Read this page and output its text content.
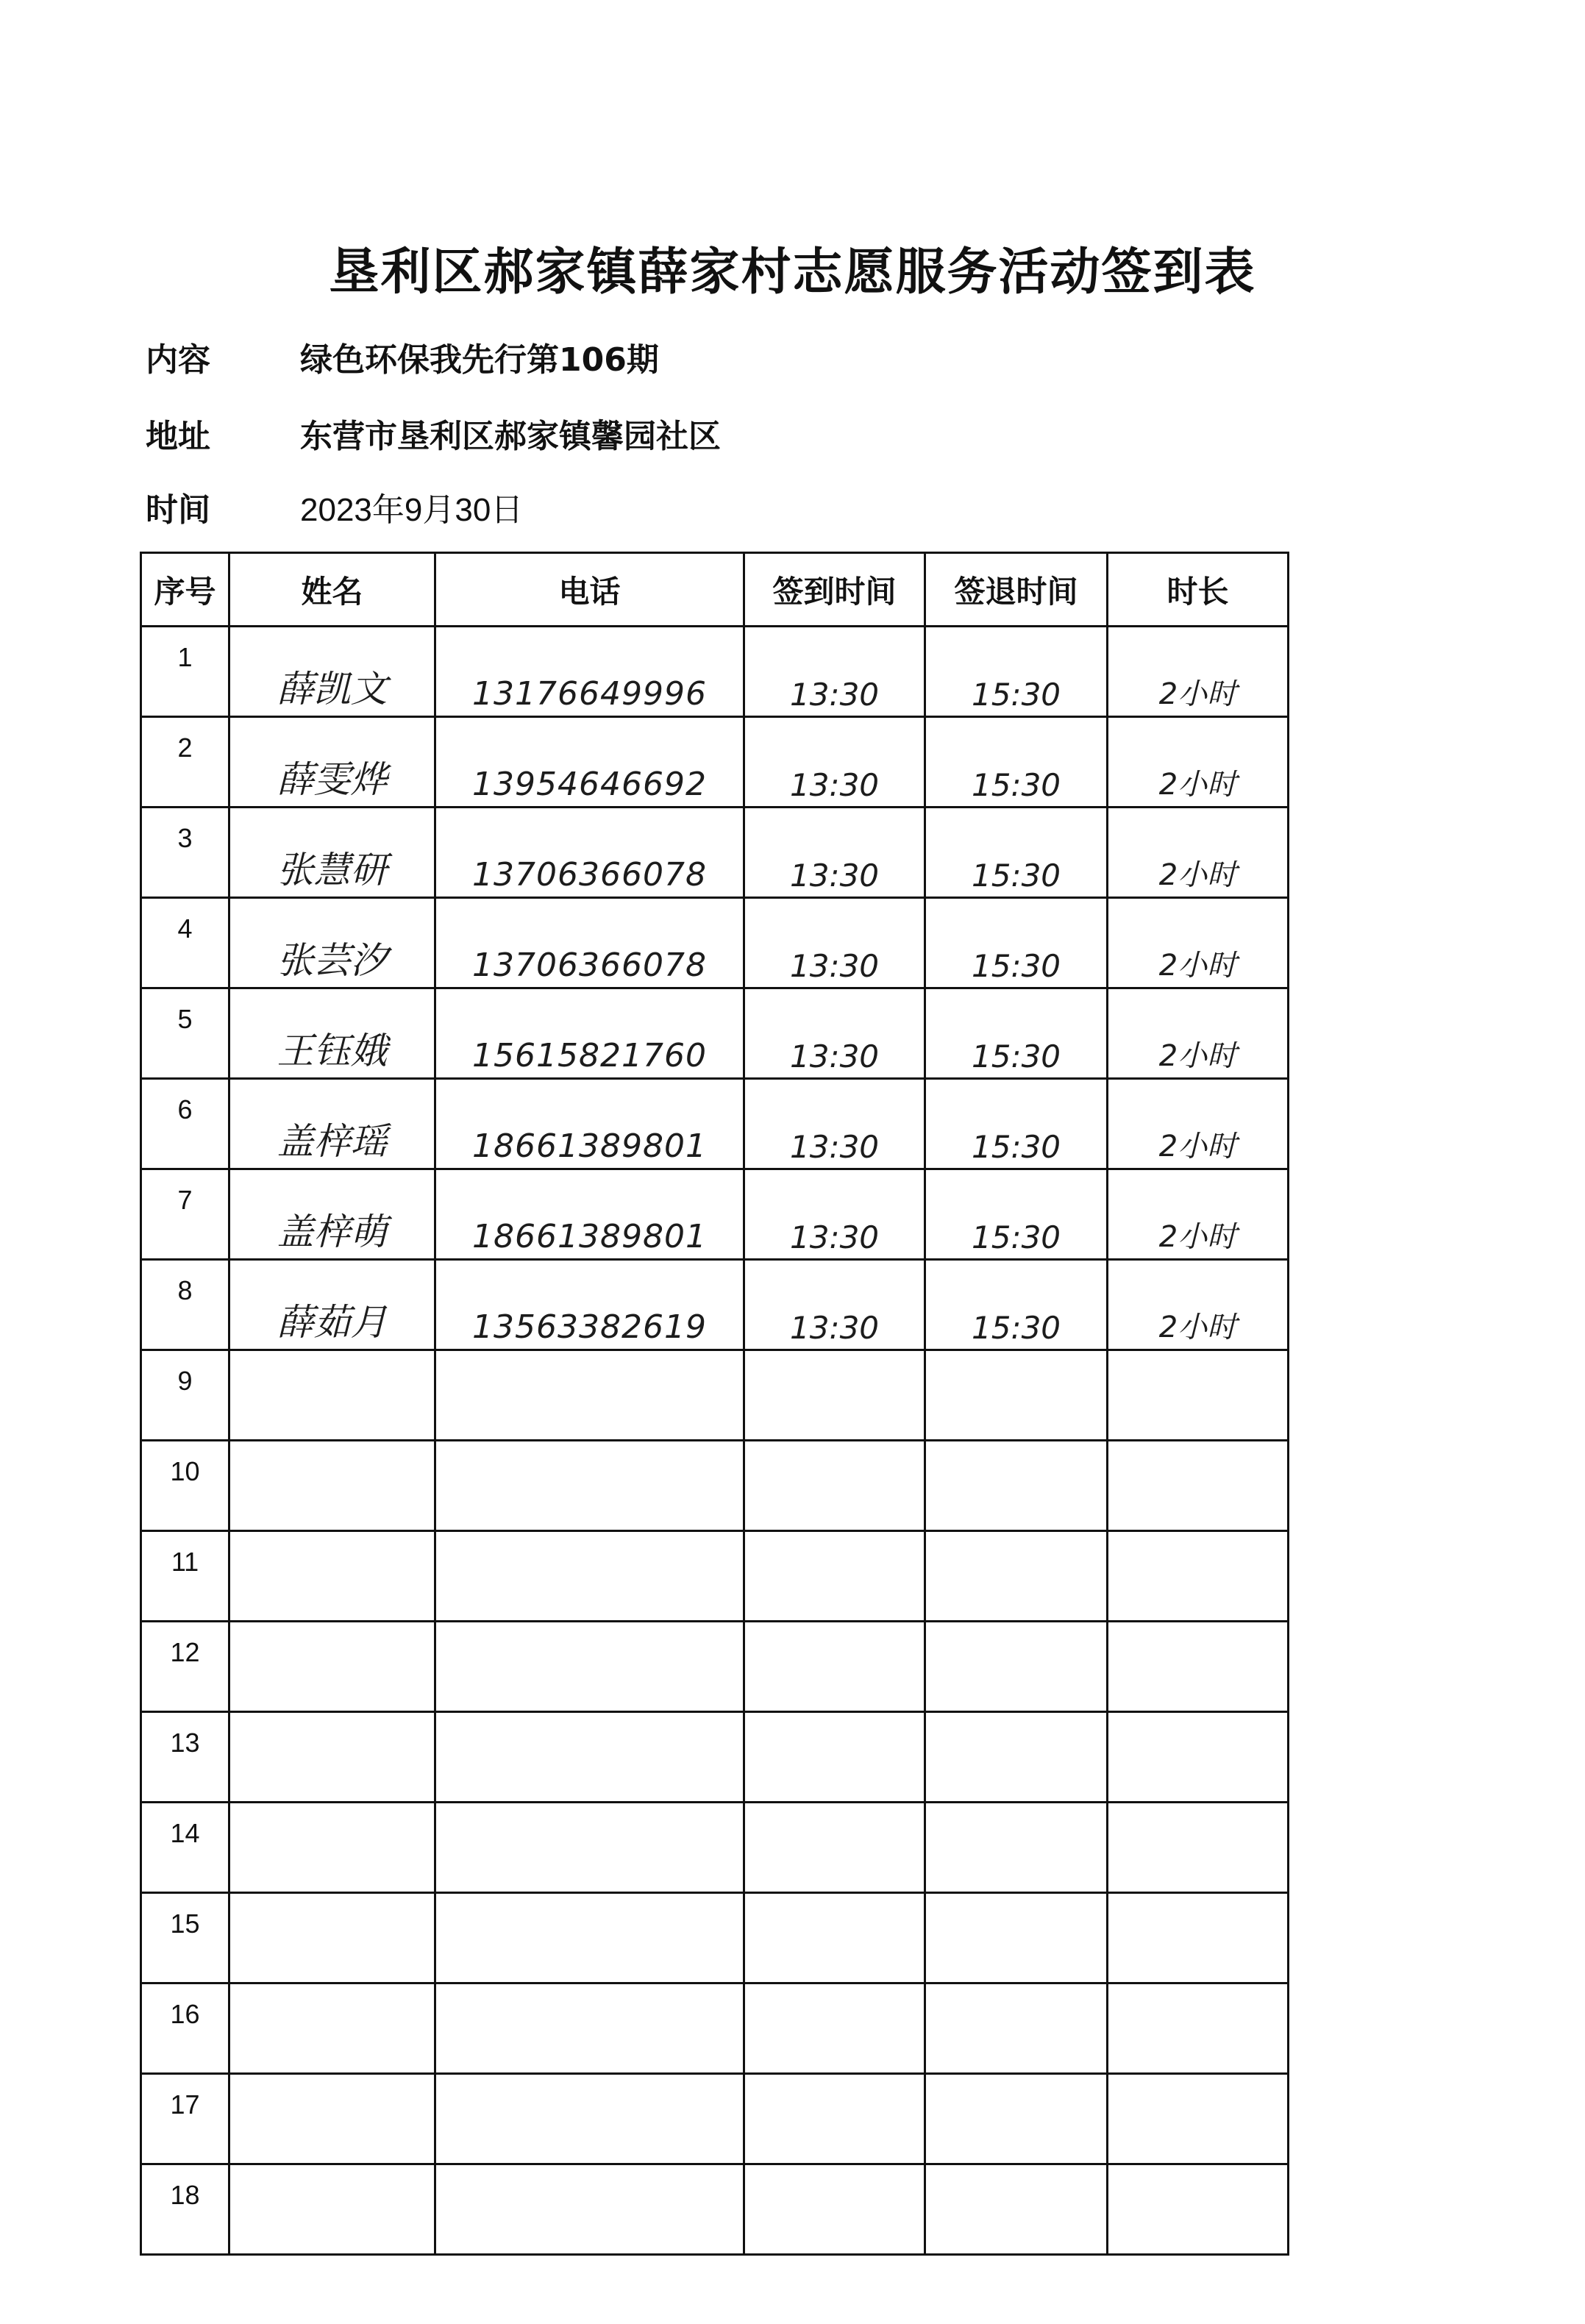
垦利区郝家镇薛家村志愿服务活动签到表
内容	绿色环保我先行第106期
地址	东营市垦利区郝家镇馨园社区
时间	2023年9月30日
序号	姓名	电话	签到时间	签退时间	时长
1	薛凯文	13176649996	13:30	15:30	2小时
2	薛雯烨	13954646692	13:30	15:30	2小时
3	张慧研	13706366078	13:30	15:30	2小时
4	张芸汐	13706366078	13:30	15:30	2小时
5	王钰娥	15615821760	13:30	15:30	2小时
6	盖梓瑶	18661389801	13:30	15:30	2小时
7	盖梓萌	18661389801	13:30	15:30	2小时
8	薛茹月	13563382619	13:30	15:30	2小时
9					
10					
11					
12					
13					
14					
15					
16					
17					
18					
